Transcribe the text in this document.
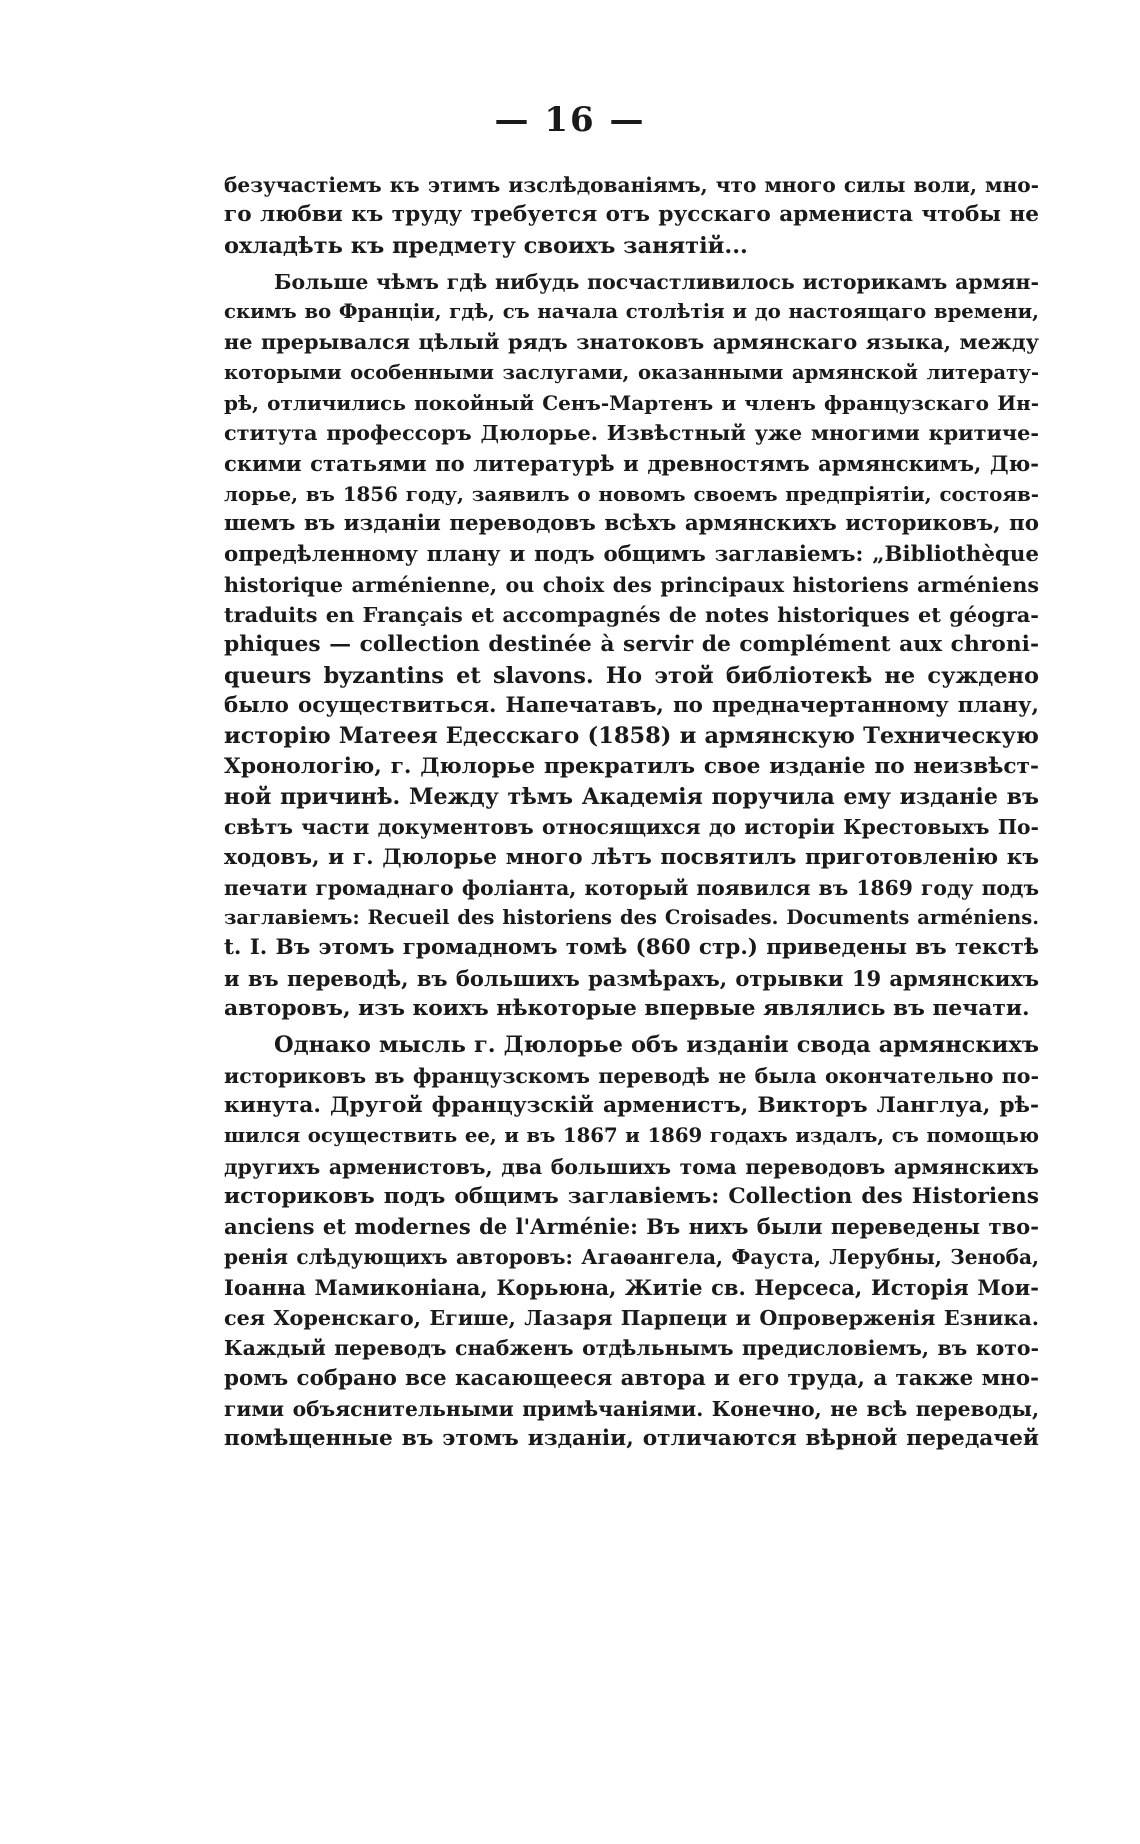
— 16 —
безучастіемъ къ этимъ изслѣдованіямъ, что много силы воли, мно-
го любви къ труду требуется отъ русскаго арменистa чтобы не
охладѣть къ предмету своихъ занятій...
Больше чѣмъ гдѣ нибудь посчастливилось историкамъ армян-
скимъ во Франціи, гдѣ, съ начала столѣтія и до настоящаго времени,
не прерывался цѣлый рядъ знатоковъ армянскаго языка, между
которыми особенными заслугами, оказанными армянской литерату-
рѣ, отличились покойный Сенъ-Мартенъ и членъ французскаго Ин-
ститута профессоръ Дюлорье. Извѣстный уже многими критиче-
скими статьями по литературѣ и древностямъ армянскимъ, Дю-
лорье, въ 1856 году, заявилъ о новомъ своемъ предпріятіи, состояв-
шемъ въ изданіи переводовъ всѣхъ армянскихъ историковъ, по
опредѣленному плану и подъ общимъ заглавіемъ: „Bibliothèque
historique arménienne, ou choix des principaux historiens arméniens
traduits en Français et accompagnés de notes historiques et géogra-
phiques — collection destinée à servir de complément aux chroni-
queurs byzantins et slavons. Но этой библіотекѣ не суждено
было осуществиться. Напечатавъ, по предначертанному плану,
исторію Матеея Едесскаго (1858) и армянскую Техническую
Хронологію, г. Дюлорье прекратилъ свое изданіе по неизвѣст-
ной причинѣ. Между тѣмъ Академія поручила ему изданіе въ
свѣтъ части документовъ относящихся до исторіи Крестовыхъ По-
ходовъ, и г. Дюлорье много лѣтъ посвятилъ приготовленію къ
печати громаднаго фоліанта, который появился въ 1869 году подъ
заглавіемъ: Recueil des historiens des Croisades. Documents arméniens.
t. I. Въ этомъ громадномъ томѣ (860 стр.) приведены въ текстѣ
и въ переводѣ, въ большихъ размѣрахъ, отрывки 19 армянскихъ
авторовъ, изъ коихъ нѣкоторые впервые являлись въ печати.
Однако мысль г. Дюлорье объ изданіи свода армянскихъ
историковъ въ французскомъ переводѣ не была окончательно по-
кинута. Другой французскій арменистъ, Викторъ Ланглуа, рѣ-
шился осуществить ее, и въ 1867 и 1869 годахъ издалъ, съ помощью
другихъ арменистовъ, два большихъ тома переводовъ армянскихъ
историковъ подъ общимъ заглавіемъ: Collection des Historiens
anciens et modernes de l'Arménie: Въ нихъ были переведены тво-
ренія слѣдующихъ авторовъ: Агаѳангела, Фауста, Лерубны, Зеноба,
Іоанна Мамиконіана, Корьюна, Житіе св. Нерсеса, Исторія Мои-
сея Хоренскаго, Егише, Лазаря Парпеци и Опроверженія Езника.
Каждый переводъ снабженъ отдѣльнымъ предисловіемъ, въ кото-
ромъ собрано все касающееся автора и его труда, а также мно-
гими объяснительными примѣчаніями. Конечно, не всѣ переводы,
помѣщенные въ этомъ изданіи, отличаются вѣрной передачей
